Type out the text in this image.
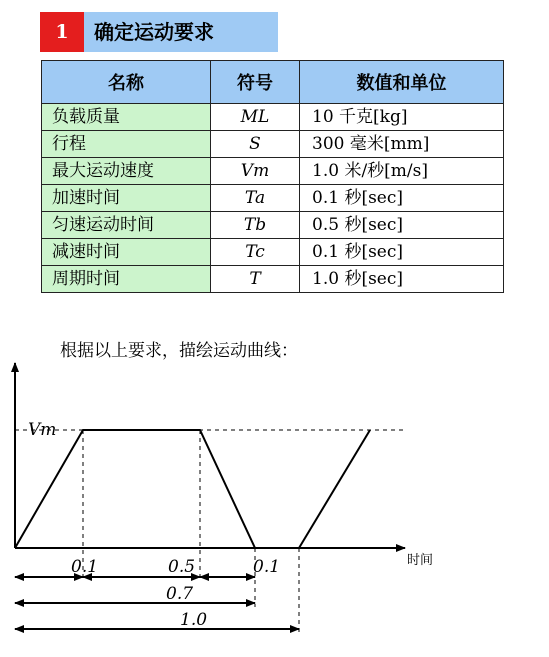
1	确定运动要求
名称	符号	数值和单位
负载质量	ML	10 千克[kg]
行程	S	300 毫米[mm]
最大运动速度	Vm	1.0 米/秒[m/s]
加速时间	Ta	0.1 秒[sec]
匀速运动时间	Tb	0.5 秒[sec]
减速时间	Tc	0.1 秒[sec]
周期时间	T	1.0 秒[sec]
根据以上要求，描绘运动曲线：
时间
Vm
0.1	0.5	0.1
0.7
1.0
